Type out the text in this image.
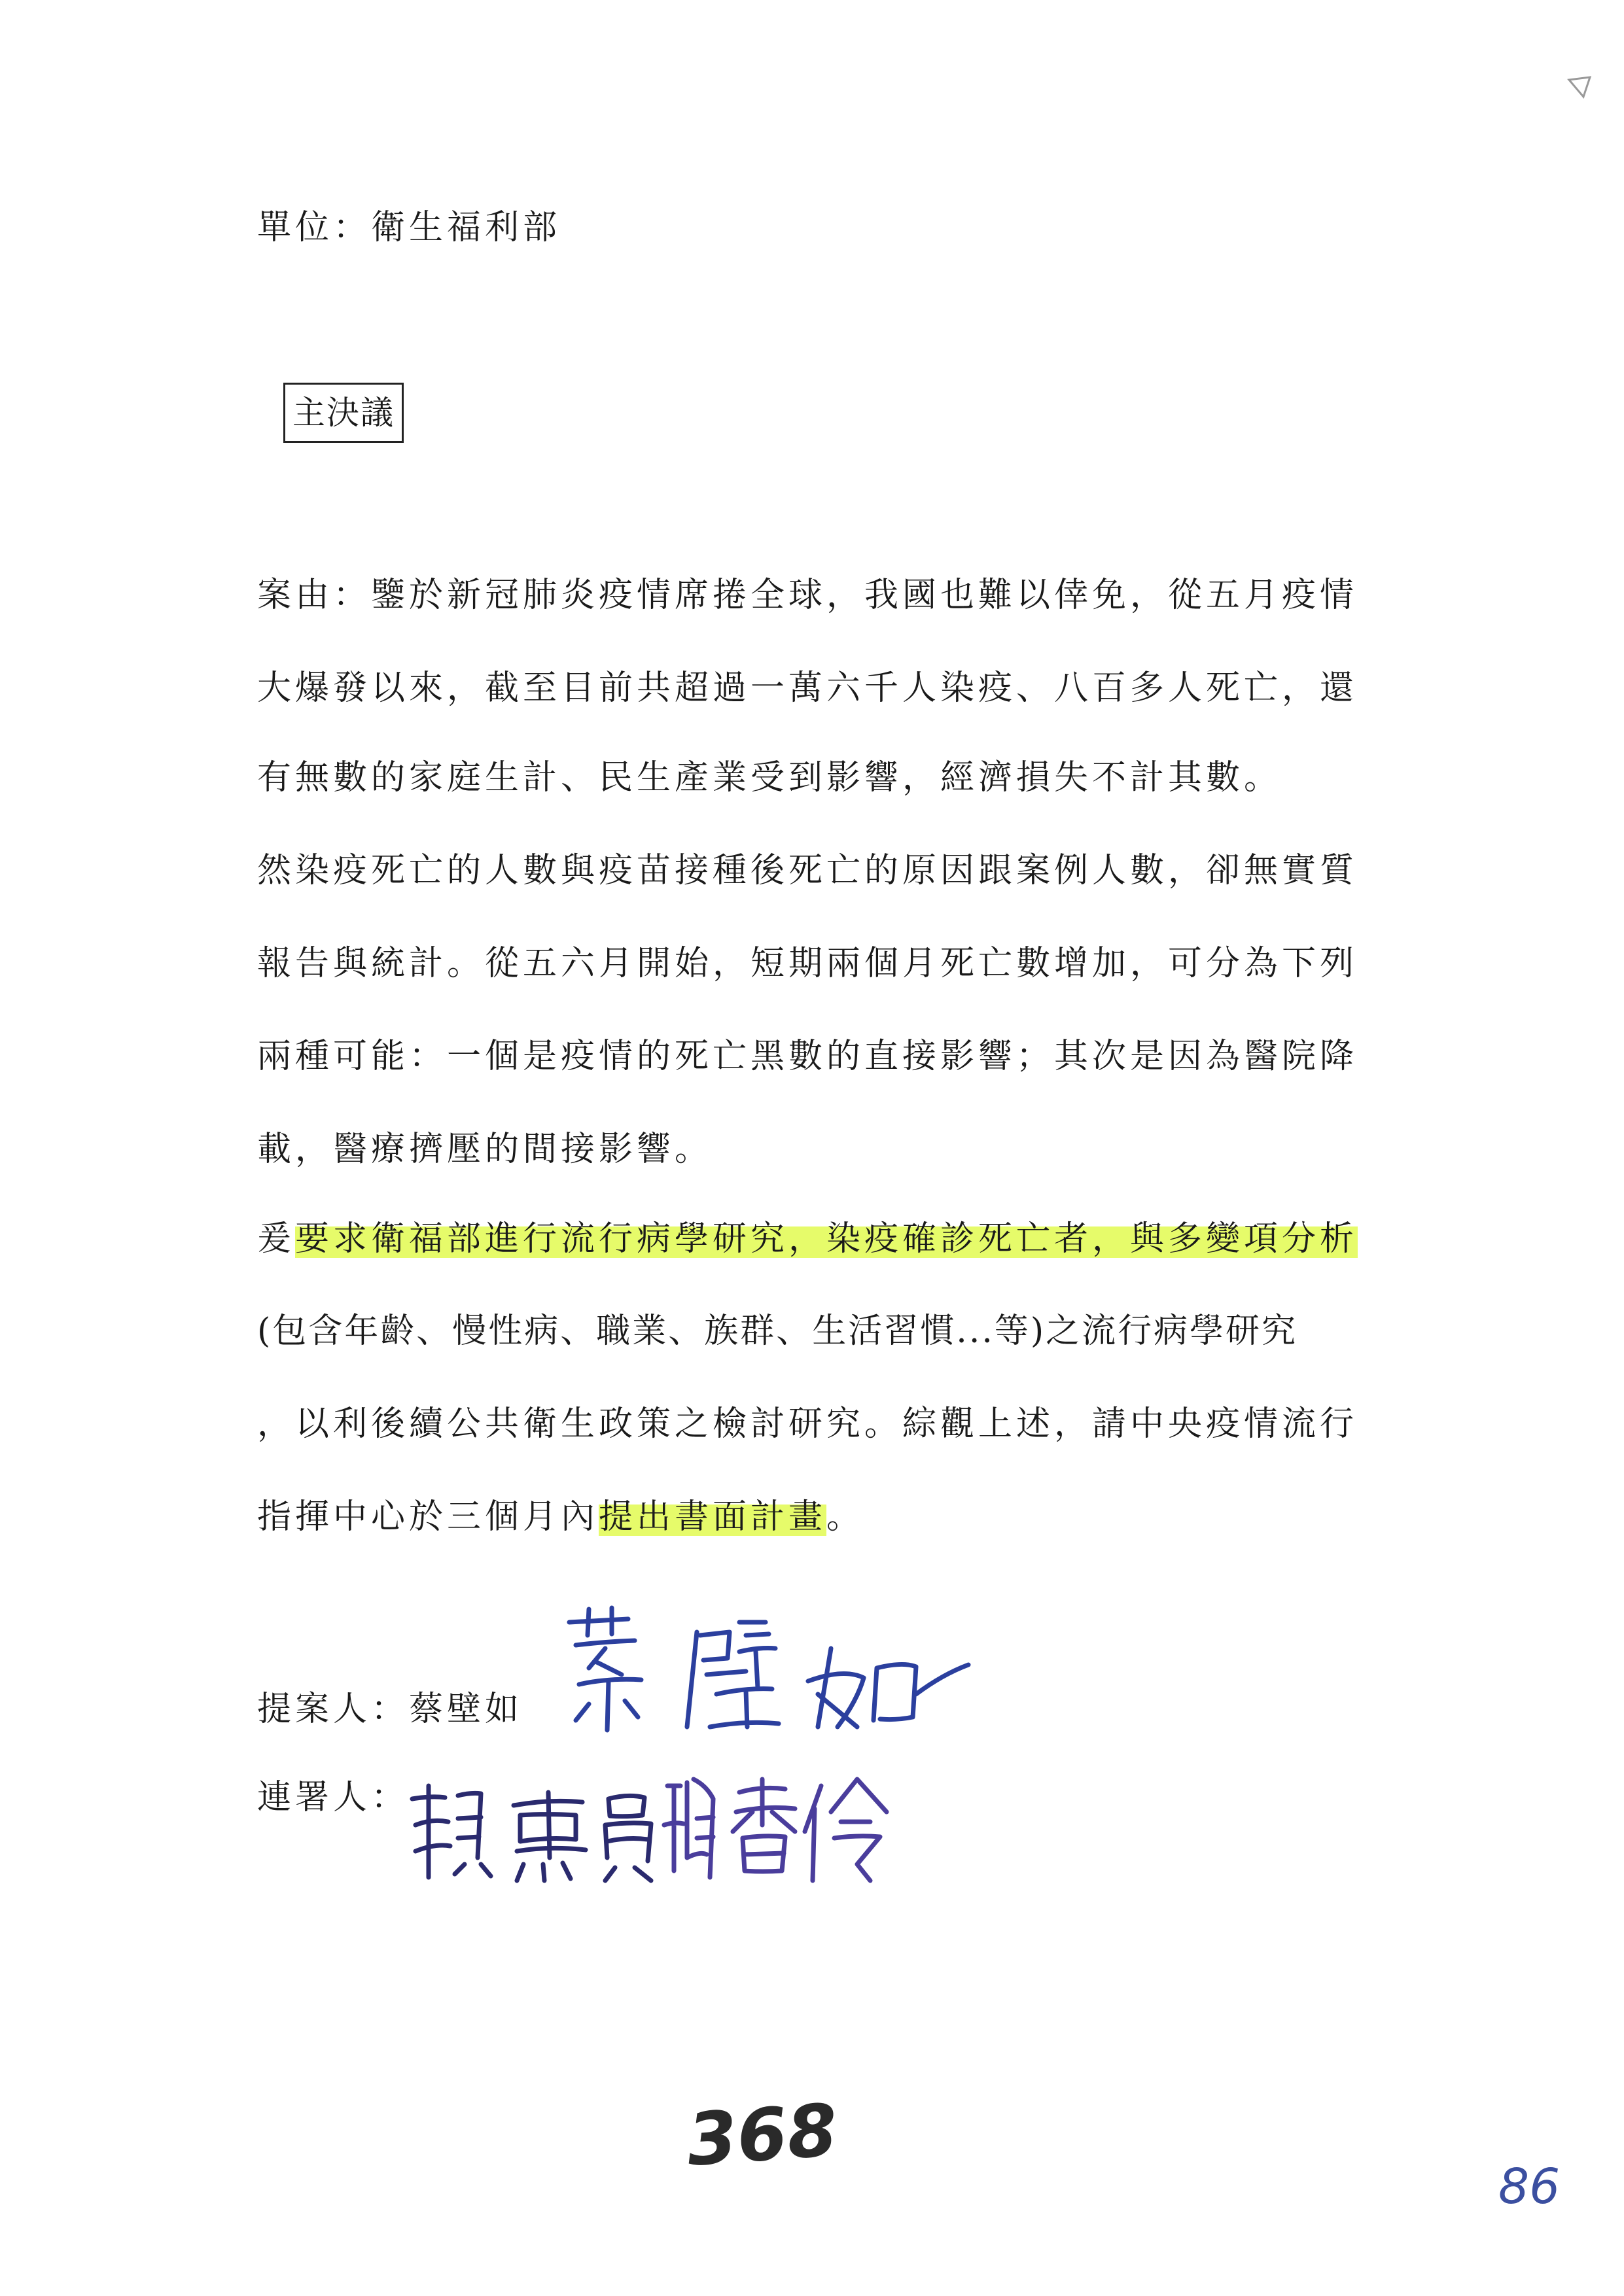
單位：衛生福利部
主決議
案由：鑒於新冠肺炎疫情席捲全球，我國也難以倖免，從五月疫情
大爆發以來，截至目前共超過一萬六千人染疫、八百多人死亡，還
有無數的家庭生計、民生產業受到影響，經濟損失不計其數。
然染疫死亡的人數與疫苗接種後死亡的原因跟案例人數，卻無實質
報告與統計。從五六月開始，短期兩個月死亡數增加，可分為下列
兩種可能：一個是疫情的死亡黑數的直接影響；其次是因為醫院降
載，醫療擠壓的間接影響。
爰 要求衛福部進行流行病學研究，染疫確診死亡者，與多變項分析
(包含年齡、慢性病、職業、族群、生活習慣...等)之流行病學研究
，以利後續公共衛生政策之檢討研究。綜觀上述，請中央疫情流行
指揮中心於三個月內 提出書面計畫 。
提案人：蔡壁如
連署人：
368
86
